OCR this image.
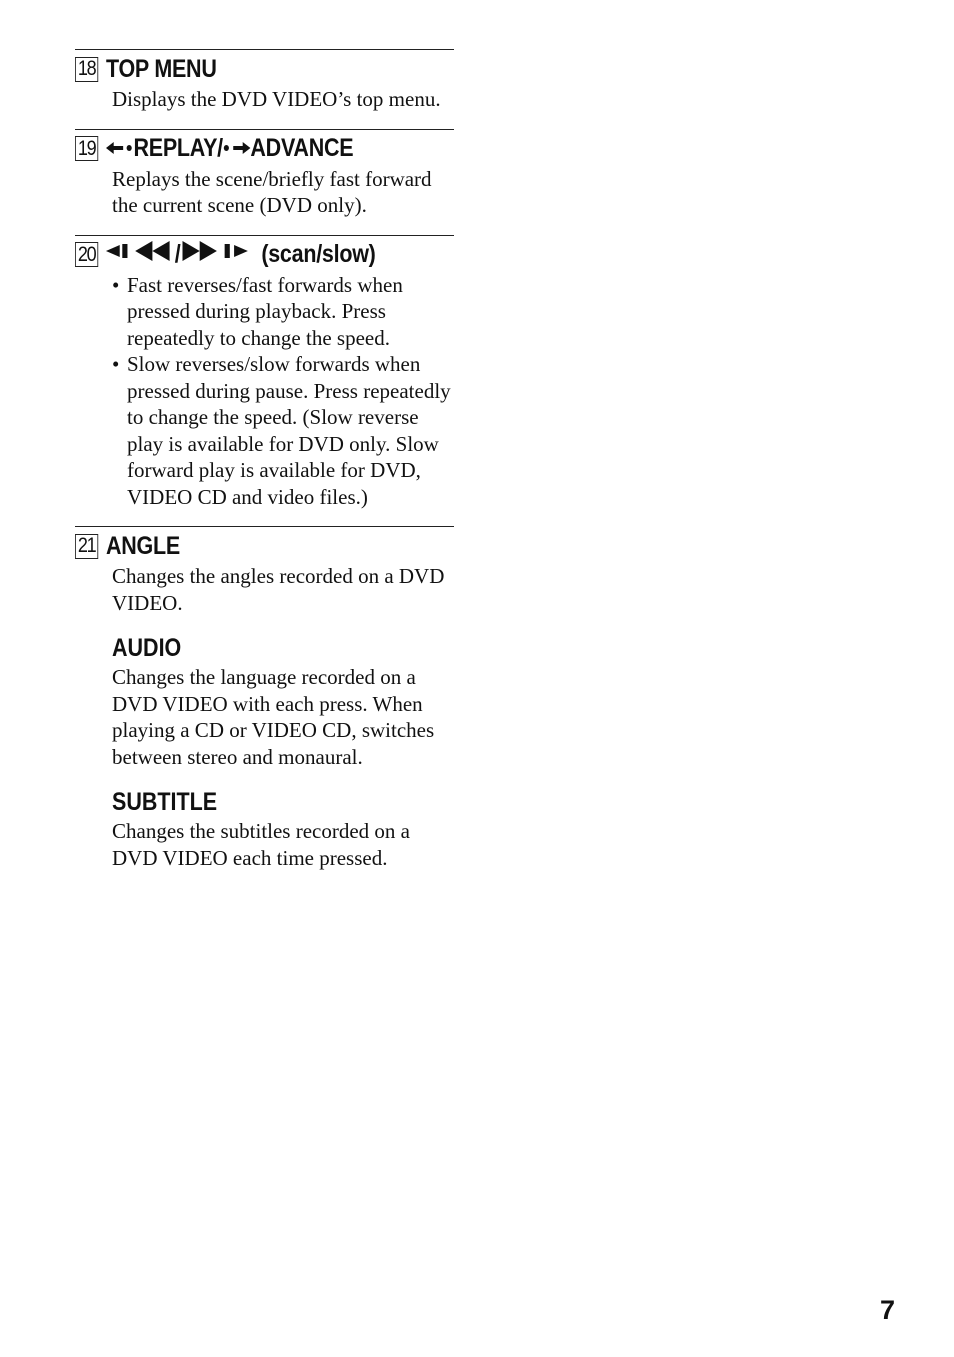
18 TOP MENU

Displays the DVD VIDEO’s top menu.

19 REPLAY/ ADVANCE

Replays the scene/briefly fast forward the current scene (DVD only).

20	/	(scan/slow)
• Fast reverses/fast forwards when pressed during playback. Press repeatedly to change the speed.
• Slow reverses/slow forwards when pressed during pause. Press repeatedly to change the speed. (Slow reverse play is available for DVD only. Slow forward play is available for DVD, VIDEO CD and video files.)
21 ANGLE

Changes the angles recorded on a DVD VIDEO.

AUDIO

Changes the language recorded on a DVD VIDEO with each press. When playing a CD or VIDEO CD, switches between stereo and monaural.

SUBTITLE

Changes the subtitles recorded on a DVD VIDEO each time pressed.

7
